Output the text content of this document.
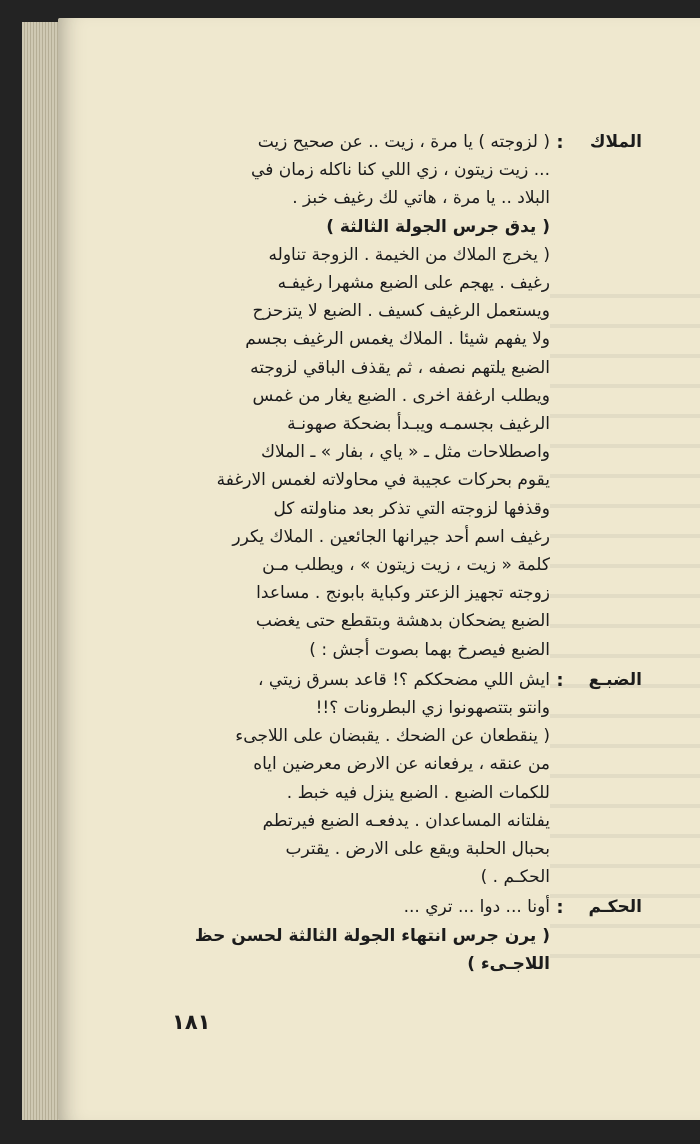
الملاك
:
( لزوجته ) يا مرة ، زيت .. عن صحيح زيت
... زيت زيتون ، زي اللي كنا ناكله زمان في
البلاد .. يا مرة ، هاتي لك رغيف خبز .
( يدق جرس الجولة الثالثة )
( يخرج الملاك من الخيمة . الزوجة تناوله
رغيف . يهجم على الضبع مشهرا رغيفـه
ويستعمل الرغيف كسيف . الضبع لا يتزحزح
ولا يفهم شيئا . الملاك يغمس الرغيف بجسم
الضبع يلتهم نصفه ، ثم يقذف الباقي لزوجته
ويطلب ارغفة اخرى . الضبع يغار من غمس
الرغيف بجسمـه ويبـدأ بضحكة صهونـة
واصطلاحات مثل ـ « ياي ، بفار » ـ الملاك
يقوم بحركات عجيبة في محاولاته لغمس الارغفة
وقذفها لزوجته التي تذكر بعد مناولته كل
رغيف اسم أحد جيرانها الجائعين . الملاك يكرر
كلمة « زيت ، زيت زيتون » ، ويطلب مـن
زوجته تجهيز الزعتر وكباية بابونج . مساعدا
الضبع يضحكان بدهشة وبتقطع حتى يغضب
الضبع فيصرخ بهما بصوت أجش : )
الضبـع
:
ايش اللي مضحككم ؟! قاعد بسرق زيتي ،
وانتو بتتصهونوا زي البطرونات ؟!!
( ينقطعان عن الضحك . يقبضان على اللاجىء
من عنقه ، يرفعانه عن الارض معرضين اياه
للكمات الضبع . الضبع ينزل فيه خبط .
يفلتانه المساعدان . يدفعـه الضبع فيرتطم
بحبال الحلبة ويقع على الارض . يقترب
الحكـم . )
الحكـم
:
أونا ... دوا ... تري ...
( يرن جرس انتهاء الجولة الثالثة لحسن حظ
اللاجـىء )
١٨١
